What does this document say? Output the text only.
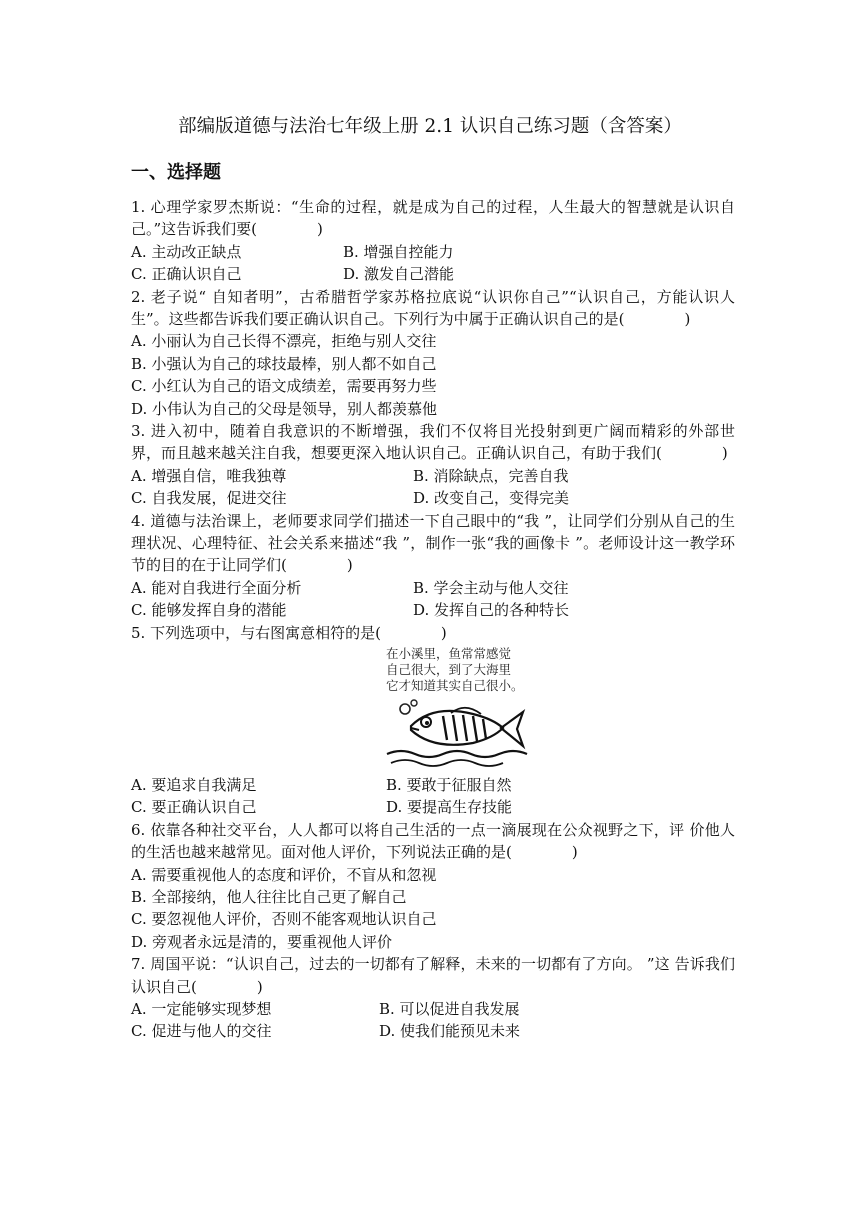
部编版道德与法治七年级上册 2.1 认识自己练习题（含答案）
一、选择题

1. 心理学家罗杰斯说：“生命的过程，就是成为自己的过程，人生最大的智慧就是认识自己。”这告诉我们要(　　　　)

A. 主动改正缺点	B. 增强自控能力
C. 正确认识自己	D. 激发自己潜能

2. 老子说“ 自知者明”，古希腊哲学家苏格拉底说“认识你自己”“认识自己，方能认识人生”。这些都告诉我们要正确认识自己。下列行为中属于正确认识自己的是(　　　　)

A. 小丽认为自己长得不漂亮，拒绝与别人交往
B. 小强认为自己的球技最棒，别人都不如自己
C. 小红认为自己的语文成绩差，需要再努力些
D. 小伟认为自己的父母是领导，别人都羡慕他

3. 进入初中，随着自我意识的不断增强，我们不仅将目光投射到更广阔而精彩的外部世界，而且越来越关注自我，想要更深入地认识自己。正确认识自己，有助于我们(　　　　)

A. 增强自信，唯我独尊	B. 消除缺点，完善自我
C. 自我发展，促进交往	D. 改变自己，变得完美

4. 道德与法治课上，老师要求同学们描述一下自己眼中的“我 ”，让同学们分别从自己的生理状况、心理特征、社会关系来描述“我 ”，制作一张“我的画像卡 ”。老师设计这一教学环节的目的在于让同学们(　　　　)

A. 能对自我进行全面分析	B. 学会主动与他人交往
C. 能够发挥自身的潜能	D. 发挥自己的各种特长

5. 下列选项中，与右图寓意相符的是(　　　　)

在小溪里，鱼常常感觉
自己很大，到了大海里
它才知道其实自己很小。
A. 要追求自我满足	B. 要敢于征服自然
C. 要正确认识自己	D. 要提高生存技能

6. 依靠各种社交平台，人人都可以将自己生活的一点一滴展现在公众视野之下，评 价他人的生活也越来越常见。面对他人评价，下列说法正确的是(　　　　)

A. 需要重视他人的态度和评价，不盲从和忽视
B. 全部接纳，他人往往比自己更了解自己
C. 要忽视他人评价，否则不能客观地认识自己
D. 旁观者永远是清的，要重视他人评价

7. 周国平说：“认识自己，过去的一切都有了解释，未来的一切都有了方向。 ”这 告诉我们认识自己(　　　　)

A. 一定能够实现梦想	B. 可以促进自我发展
C. 促进与他人的交往	D. 使我们能预见未来
